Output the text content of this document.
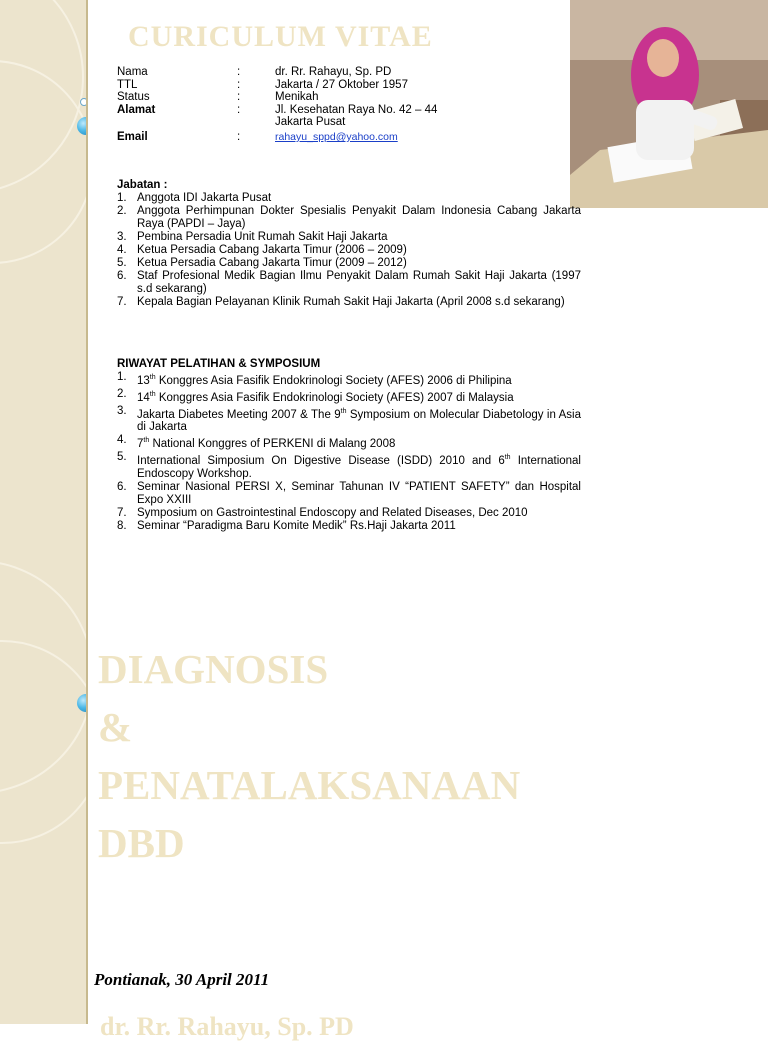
CURICULUM VITAE
Nama	:	dr. Rr. Rahayu, Sp. PD
TTL	:	Jakarta / 27 Oktober 1957
Status	:	Menikah
Alamat	:	Jl. Kesehatan Raya No. 42 – 44
Jakarta Pusat
Email	:	rahayu_sppd@yahoo.com
Jabatan :
1. Anggota IDI Jakarta Pusat
2. Anggota Perhimpunan Dokter Spesialis Penyakit Dalam Indonesia Cabang Jakarta Raya (PAPDI – Jaya)
3. Pembina Persadia Unit Rumah Sakit Haji Jakarta
4. Ketua Persadia Cabang Jakarta Timur (2006 – 2009)
5. Ketua Persadia Cabang Jakarta Timur (2009 – 2012)
6. Staf Profesional Medik Bagian Ilmu Penyakit Dalam Rumah Sakit Haji Jakarta (1997 s.d sekarang)
7. Kepala Bagian Pelayanan Klinik Rumah Sakit Haji Jakarta (April 2008 s.d sekarang)
RIWAYAT PELATIHAN & SYMPOSIUM
1. 13th Konggres Asia Fasifik Endokrinologi Society (AFES) 2006 di Philipina
2. 14th Konggres Asia Fasifik Endokrinologi Society (AFES) 2007 di Malaysia
3. Jakarta Diabetes Meeting 2007 & The 9th Symposium on Molecular Diabetology in Asia di Jakarta
4. 7th National Konggres of PERKENI di Malang 2008
5. International Simposium On Digestive Disease (ISDD) 2010 and 6th International Endoscopy Workshop.
6. Seminar Nasional PERSI X, Seminar Tahunan IV “PATIENT SAFETY” dan Hospital Expo XXIII
7. Symposium on Gastrointestinal Endoscopy and Related Diseases, Dec 2010
8. Seminar “Paradigma Baru Komite Medik” Rs.Haji Jakarta 2011
DIAGNOSIS
&
PENATALAKSANAAN
DBD
Pontianak, 30 April 2011
dr. Rr. Rahayu, Sp. PD
